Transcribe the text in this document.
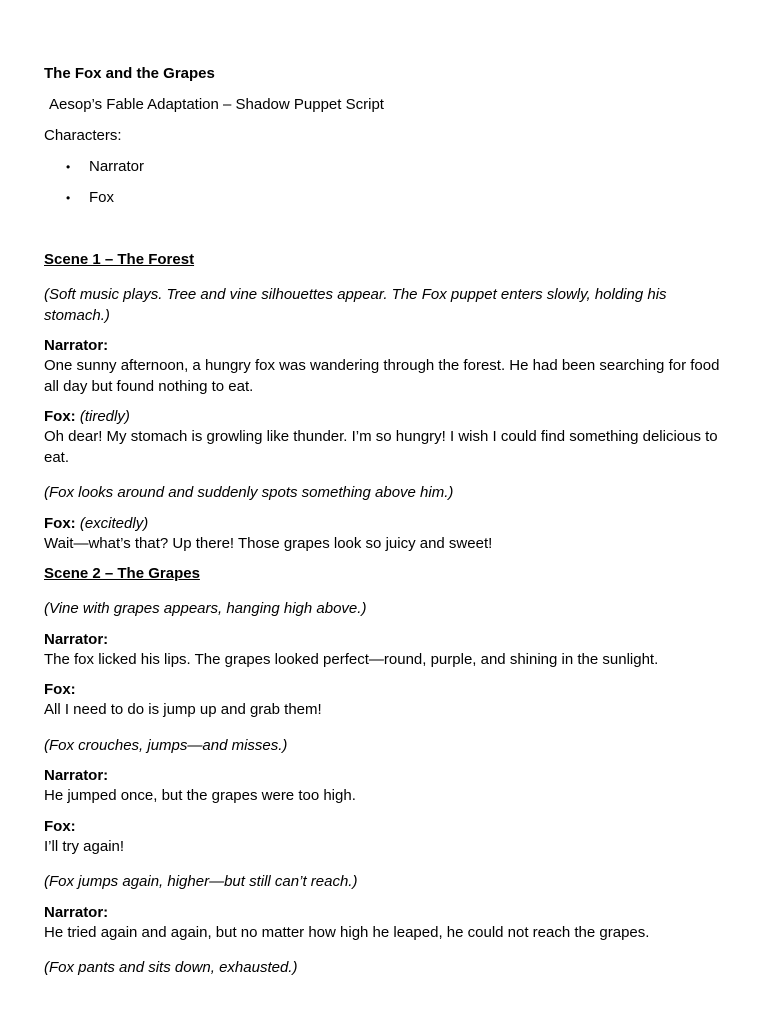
The Fox and the Grapes

Aesop’s Fable Adaptation – Shadow Puppet Script

Characters:

• Narrator
• Fox
Scene 1 – The Forest

(Soft music plays. Tree and vine silhouettes appear. The Fox puppet enters slowly, holding his stomach.)

Narrator:
One sunny afternoon, a hungry fox was wandering through the forest. He had been searching for food all day but found nothing to eat.
Fox: (tiredly)
Oh dear! My stomach is growling like thunder. I’m so hungry! I wish I could find something delicious to eat.

(Fox looks around and suddenly spots something above him.)

Fox: (excitedly)
Wait—what’s that? Up there! Those grapes look so juicy and sweet!
Scene 2 – The Grapes

(Vine with grapes appears, hanging high above.)

Narrator:
The fox licked his lips. The grapes looked perfect—round, purple, and shining in the sunlight.
Fox:
All I need to do is jump up and grab them!

(Fox crouches, jumps—and misses.)

Narrator:
He jumped once, but the grapes were too high.
Fox:
I’ll try again!

(Fox jumps again, higher—but still can’t reach.)

Narrator:
He tried again and again, but no matter how high he leaped, he could not reach the grapes.

(Fox pants and sits down, exhausted.)
